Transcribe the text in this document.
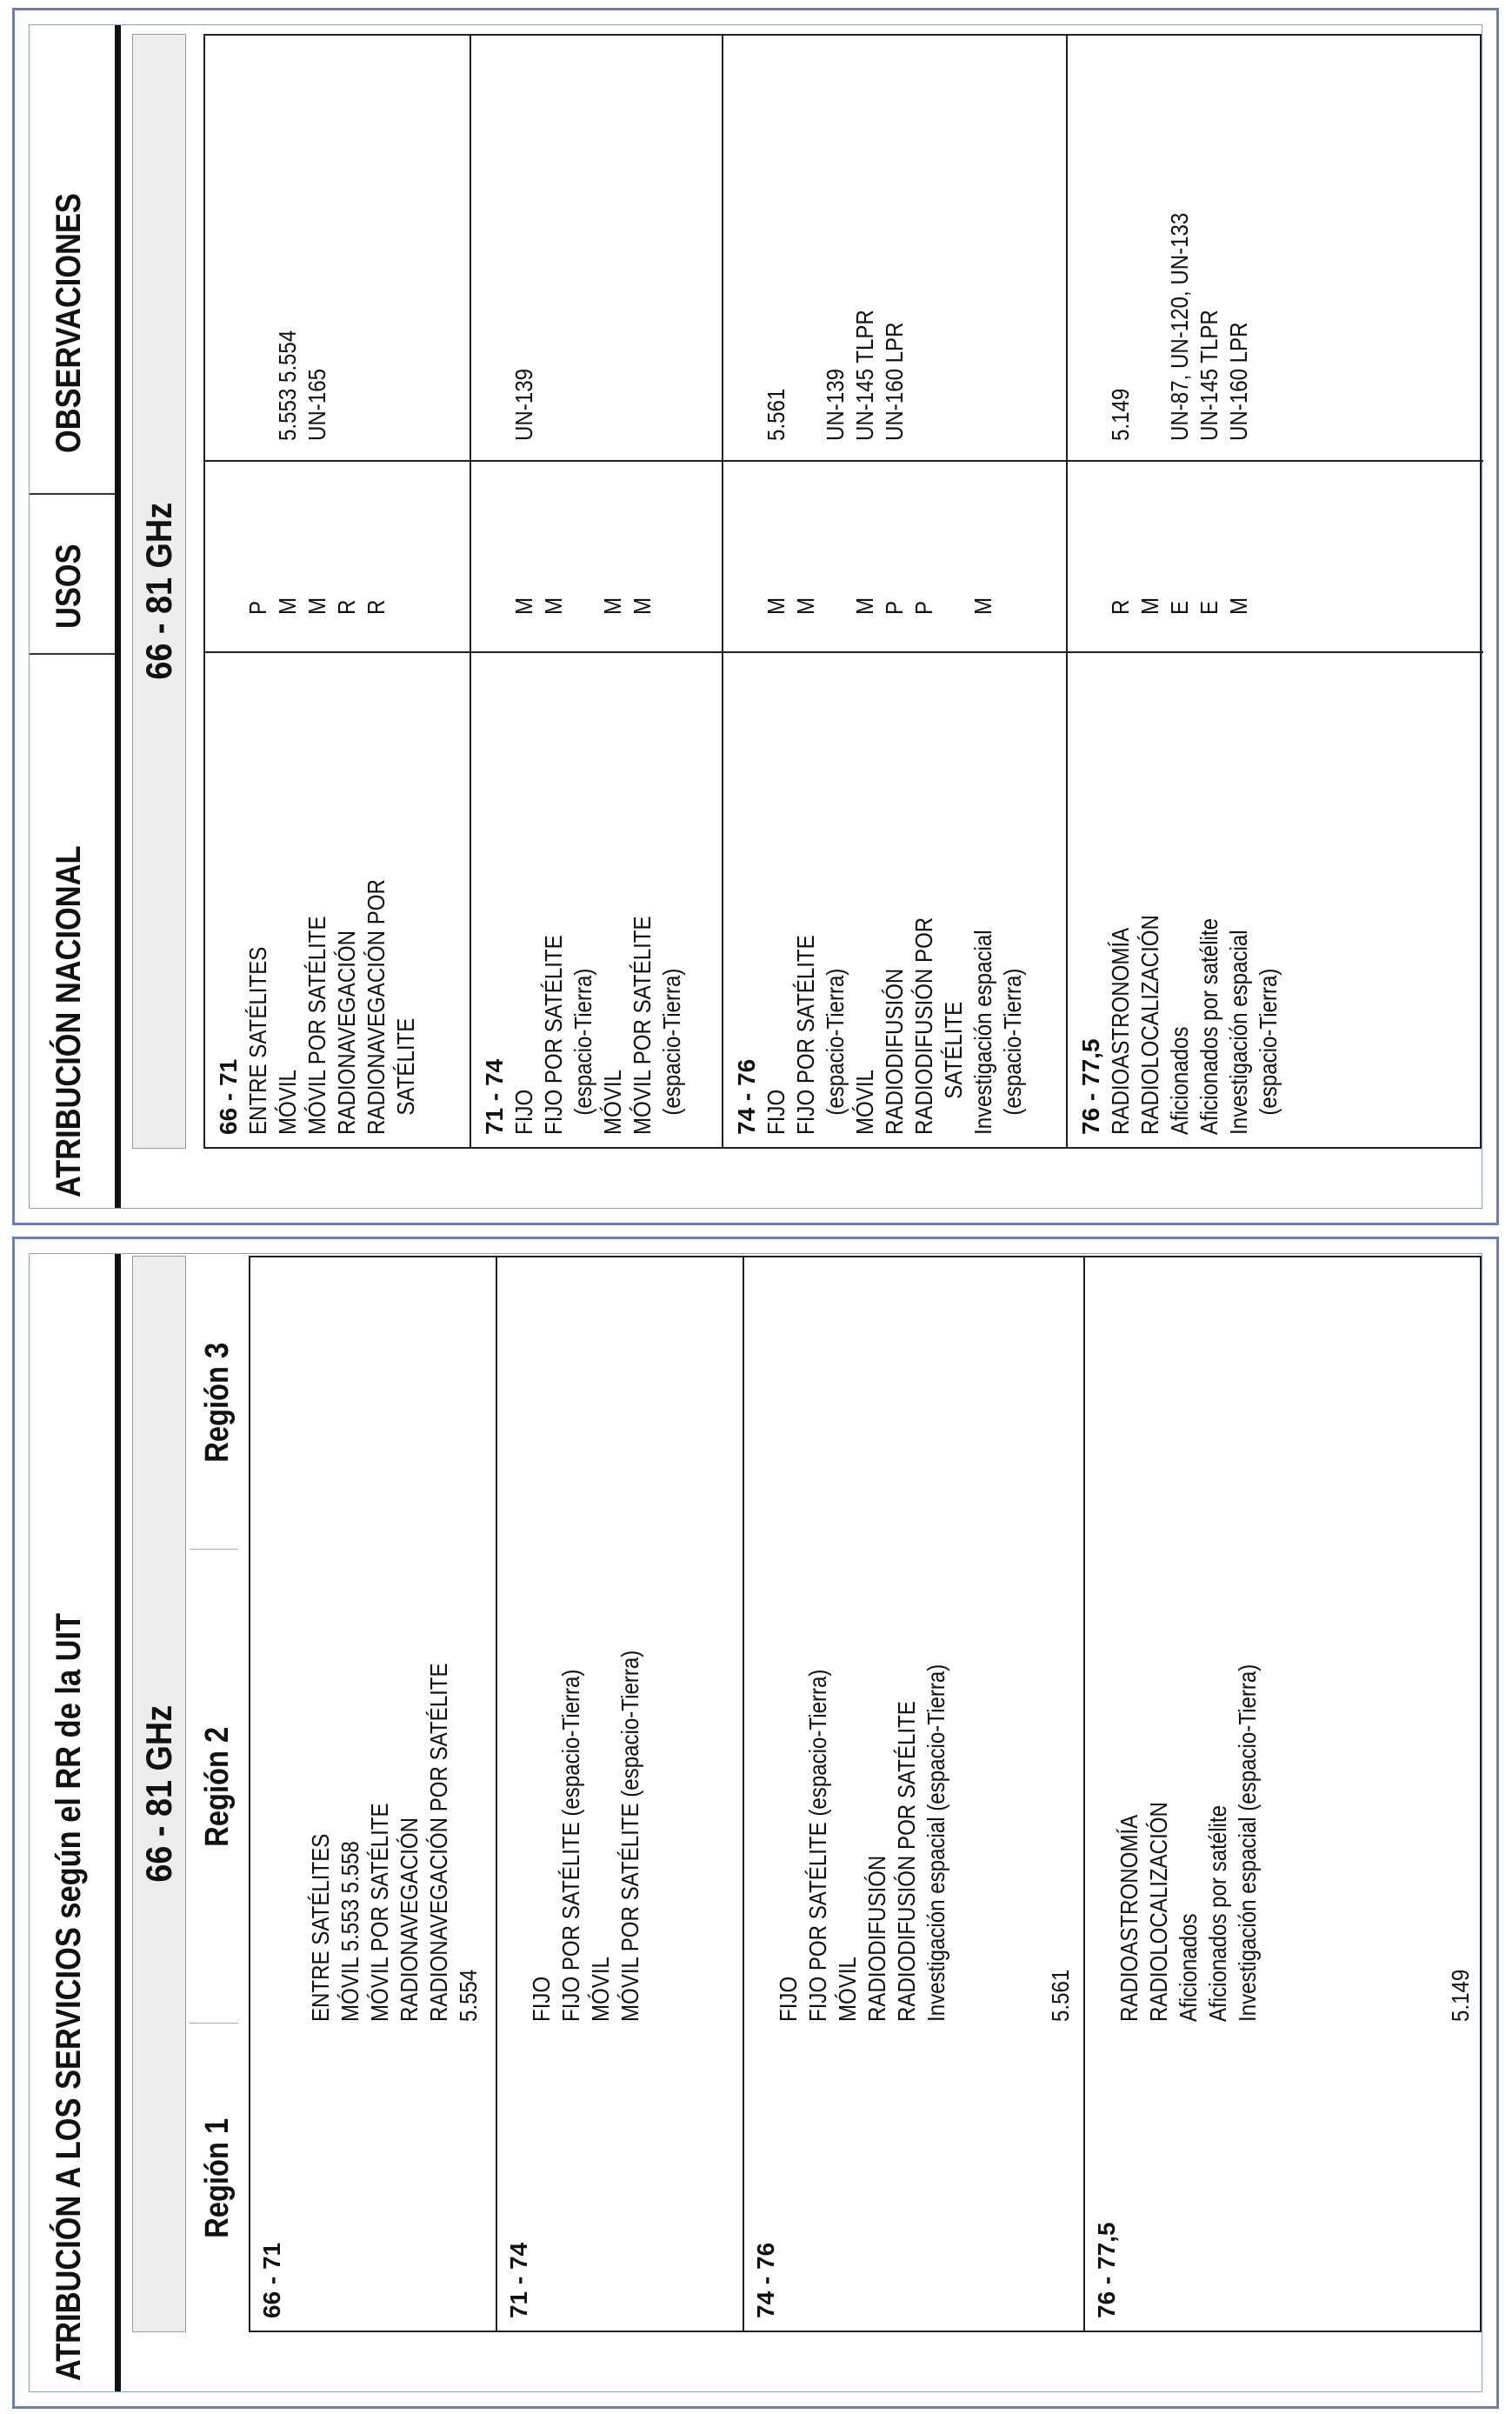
ATRIBUCIÓN A LOS SERVICIOS según el RR de la UIT 66 - 81 GHz
Región 1
Región 2
Región 3
66 - 71
ENTRE SATÉLITES MÓVIL 5.553 5.558 MÓVIL POR SATÉLITE RADIONAVEGACIÓN RADIONAVEGACIÓN POR SATÉLITE 5.554
71 - 74
FIJO FIJO POR SATÉLITE (espacio-Tierra) MÓVIL MÓVIL POR SATÉLITE (espacio-Tierra)
74 - 76
FIJO FIJO POR SATÉLITE (espacio-Tierra) MÓVIL RADIODIFUSIÓN RADIODIFUSIÓN POR SATÉLITE Investigación espacial (espacio-Tierra)	5.561
76 - 77,5
RADIOASTRONOMÍA RADIOLOCALIZACIÓN Aficionados Aficionados por satélite Investigación espacial (espacio-Tierra)	5.149
ATRIBUCIÓN NACIONAL
USOS
OBSERVACIONES
66 - 81 GHz
66 - 71 ENTRE SATÉLITES MÓVIL MÓVIL POR SATÉLITE RADIONAVEGACIÓN RADIONAVEGACIÓN POR SATÉLITE
P M M R R
5.553 5.554 UN-165
71 - 74 FIJO FIJO POR SATÉLITE (espacio-Tierra) MÓVIL MÓVIL POR SATÉLITE (espacio-Tierra)
M M M M
UN-139
74 - 76 FIJO FIJO POR SATÉLITE (espacio-Tierra) MÓVIL RADIODIFUSIÓN RADIODIFUSIÓN POR SATÉLITE Investigación espacial (espacio-Tierra)
M M M P P M
5.561 UN-139 UN-145 TLPR UN-160 LPR
76 - 77,5 RADIOASTRONOMÍA RADIOLOCALIZACIÓN Aficionados Aficionados por satélite Investigación espacial (espacio-Tierra)
R M E E M
5.149 UN-87, UN-120, UN-133 UN-145 TLPR UN-160 LPR
